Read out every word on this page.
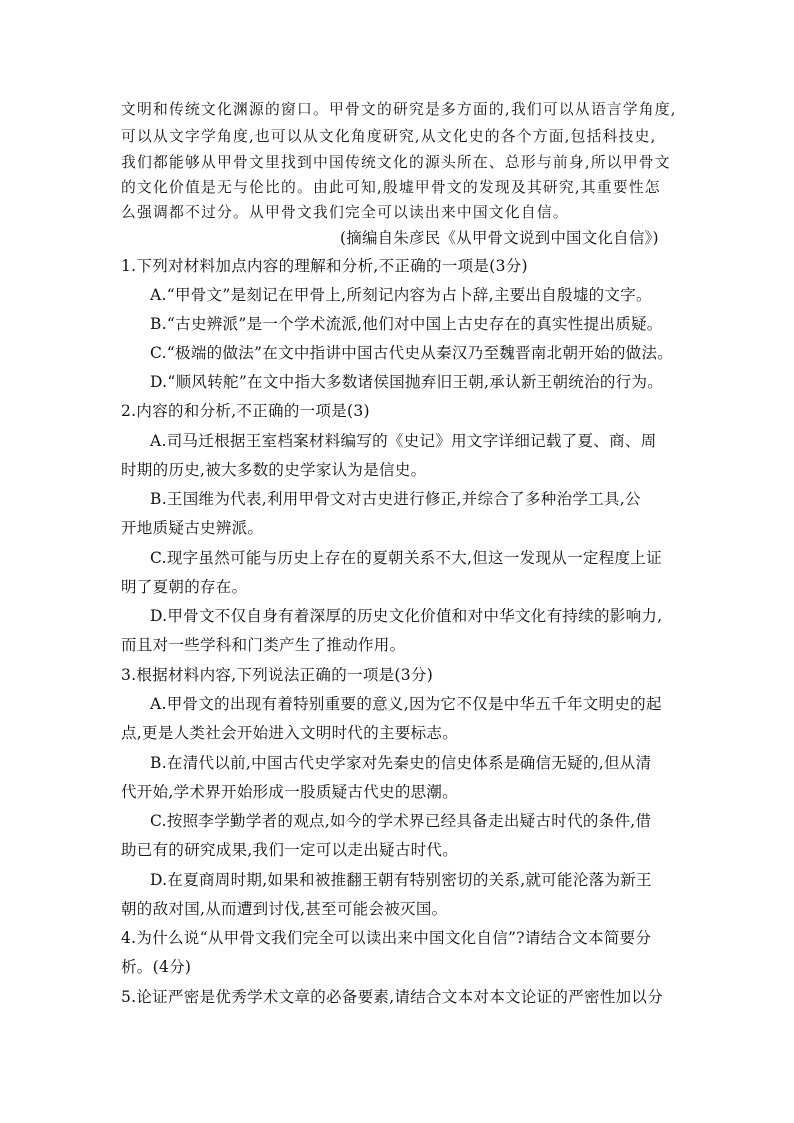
文明和传统文化渊源的窗口。甲骨文的研究是多方面的,我们可以从语言学角度,
可以从文字学角度,也可以从文化角度研究,从文化史的各个方面,包括科技史,
我们都能够从甲骨文里找到中国传统文化的源头所在、总形与前身,所以甲骨文
的文化价值是无与伦比的。由此可知,殷墟甲骨文的发现及其研究,其重要性怎
么强调都不过分。从甲骨文我们完全可以读出来中国文化自信。
(摘编自朱彦民《从甲骨文说到中国文化自信》)
1.下列对材料加点内容的理解和分析,不正确的一项是(3分)
A.“甲骨文”是刻记在甲骨上,所刻记内容为占卜辞,主要出自殷墟的文字。
B.“古史辨派”是一个学术流派,他们对中国上古史存在的真实性提出质疑。
C.“极端的做法”在文中指讲中国古代史从秦汉乃至魏晋南北朝开始的做法。
D.“顺风转舵”在文中指大多数诸侯国抛弃旧王朝,承认新王朝统治的行为。
2.内容的和分析,不正确的一项是(3)
A.司马迁根据王室档案材料编写的《史记》用文字详细记载了夏、商、周
时期的历史,被大多数的史学家认为是信史。
B.王国维为代表,利用甲骨文对古史进行修正,并综合了多种治学工具,公
开地质疑古史辨派。
C.现字虽然可能与历史上存在的夏朝关系不大,但这一发现从一定程度上证
明了夏朝的存在。
D.甲骨文不仅自身有着深厚的历史文化价值和对中华文化有持续的影响力,
而且对一些学科和门类产生了推动作用。
3.根据材料内容,下列说法正确的一项是(3分)
A.甲骨文的出现有着特别重要的意义,因为它不仅是中华五千年文明史的起
点,更是人类社会开始进入文明时代的主要标志。
B.在清代以前,中国古代史学家对先秦史的信史体系是确信无疑的,但从清
代开始,学术界开始形成一股质疑古代史的思潮。
C.按照李学勤学者的观点,如今的学术界已经具备走出疑古时代的条件,借
助已有的研究成果,我们一定可以走出疑古时代。
D.在夏商周时期,如果和被推翻王朝有特别密切的关系,就可能沦落为新王
朝的敌对国,从而遭到讨伐,甚至可能会被灭国。
4.为什么说“从甲骨文我们完全可以读出来中国文化自信”?请结合文本简要分
析。(4分)
5.论证严密是优秀学术文章的必备要素,请结合文本对本文论证的严密性加以分
